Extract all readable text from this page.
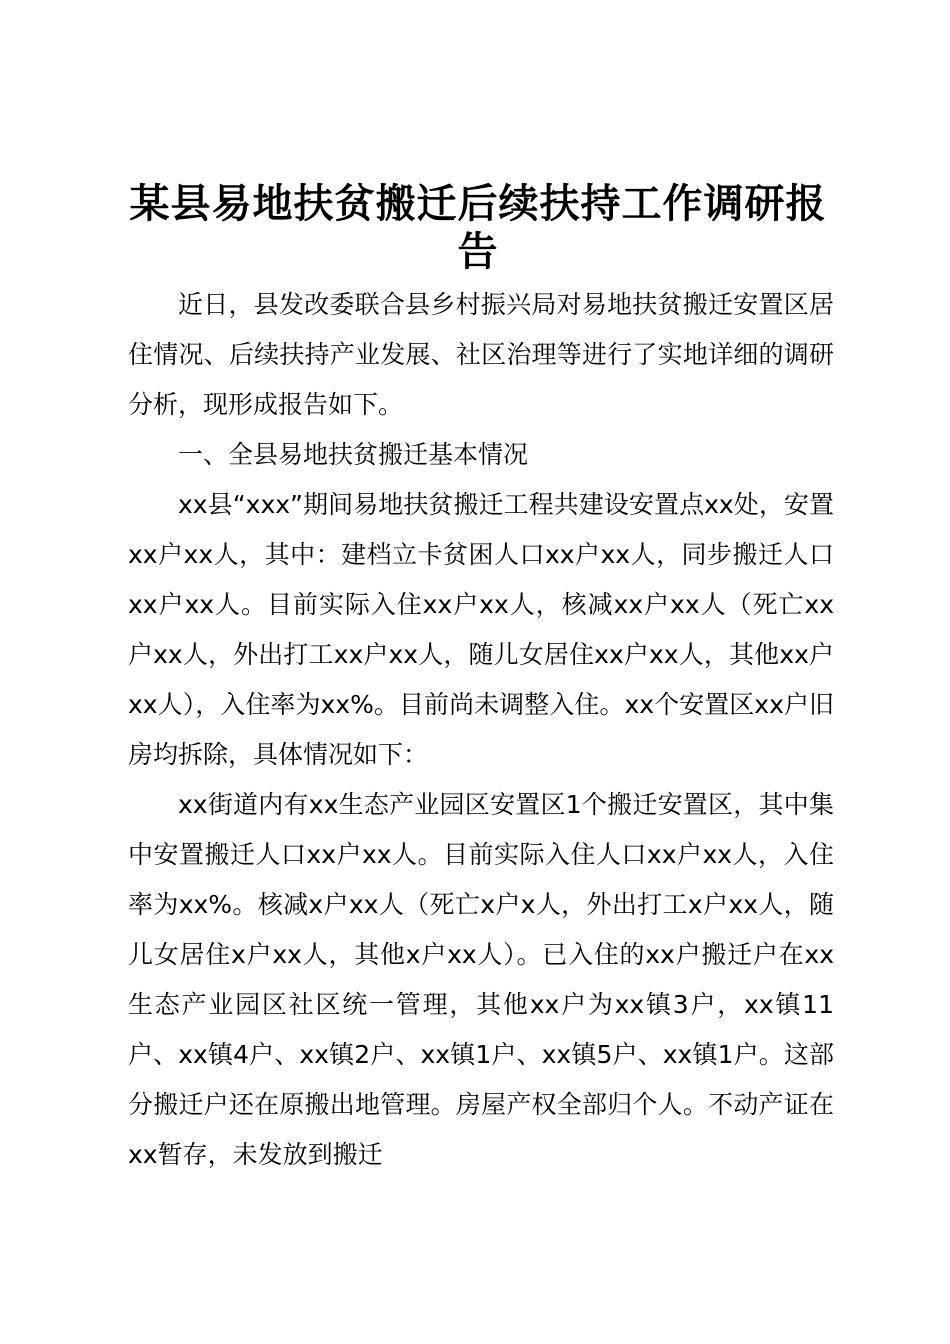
某县易地扶贫搬迁后续扶持工作调研报告

近日，县发改委联合县乡村振兴局对易地扶贫搬迁安置区居住情况、后续扶持产业发展、社区治理等进行了实地详细的调研分析，现形成报告如下。

一、全县易地扶贫搬迁基本情况

xx县“xxx”期间易地扶贫搬迁工程共建设安置点xx处，安置xx户xx人，其中：建档立卡贫困人口xx户xx人，同步搬迁人口xx户xx人。目前实际入住xx户xx人，核减xx户xx人（死亡xx户xx人，外出打工xx户xx人，随儿女居住xx户xx人，其他xx户xx人），入住率为xx%。目前尚未调整入住。xx个安置区xx户旧房均拆除，具体情况如下：

xx街道内有xx生态产业园区安置区1个搬迁安置区，其中集中安置搬迁人口xx户xx人。目前实际入住人口xx户xx人，入住率为xx%。核减x户xx人（死亡x户x人，外出打工x户xx人，随儿女居住x户xx人，其他x户xx人）。已入住的xx户搬迁户在xx生态产业园区社区统一管理，其他xx户为xx镇3户，xx镇11户、xx镇4户、xx镇2户、xx镇1户、xx镇5户、xx镇1户。这部分搬迁户还在原搬出地管理。房屋产权全部归个人。不动产证在xx暂存，未发放到搬迁
